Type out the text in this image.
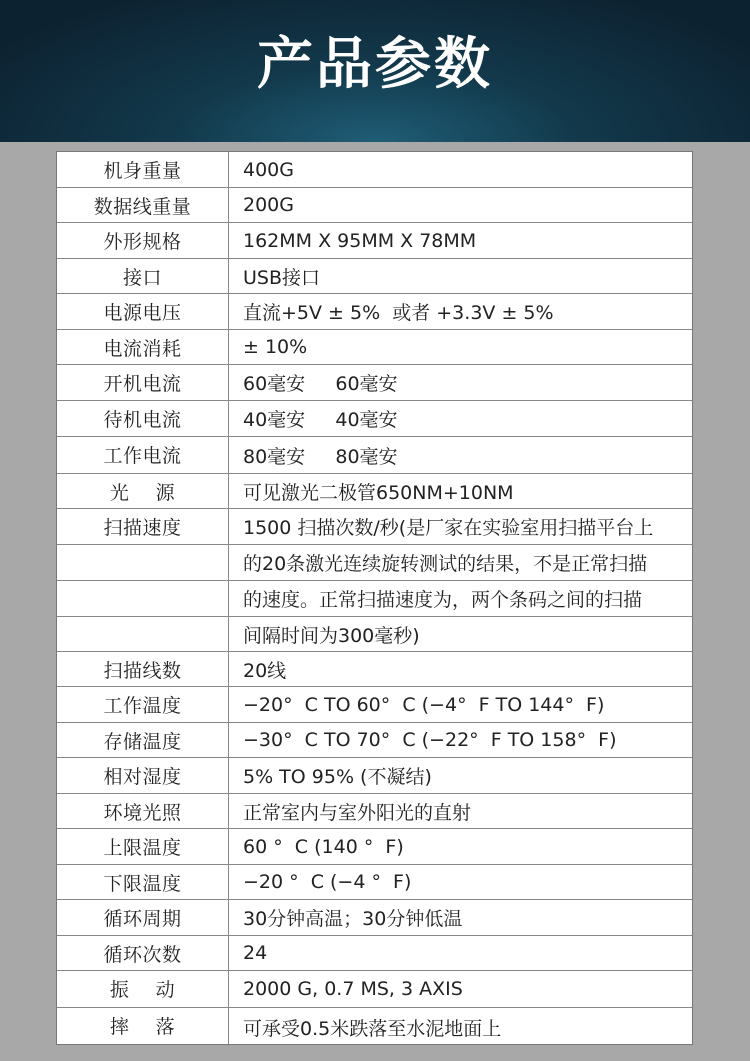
产品参数
机身重量	400G
数据线重量	200G
外形规格	162MM X 95MM X 78MM
接口	USB接口
电源电压	直流+5V ± 5%  或者 +3.3V ± 5%
电流消耗	± 10%
开机电流	60毫安     60毫安
待机电流	40毫安     40毫安
工作电流	80毫安     80毫安
光    源	可见激光二极管650NM+10NM
扫描速度	1500 扫描次数/秒(是厂家在实验室用扫描平台上
的20条激光连续旋转测试的结果，不是正常扫描
的速度。正常扫描速度为，两个条码之间的扫描
间隔时间为300毫秒)
扫描线数	20线
工作温度	−20°  C TO 60°  C (−4°  F TO 144°  F)
存储温度	−30°  C TO 70°  C (−22°  F TO 158°  F)
相对湿度	5% TO 95% (不凝结)
环境光照	正常室内与室外阳光的直射
上限温度	60 °  C (140 °  F)
下限温度	−20 °  C (−4 °  F)
循环周期	30分钟高温；30分钟低温
循环次数	24
振    动	2000 G, 0.7 MS, 3 AXIS
摔    落	可承受0.5米跌落至水泥地面上
